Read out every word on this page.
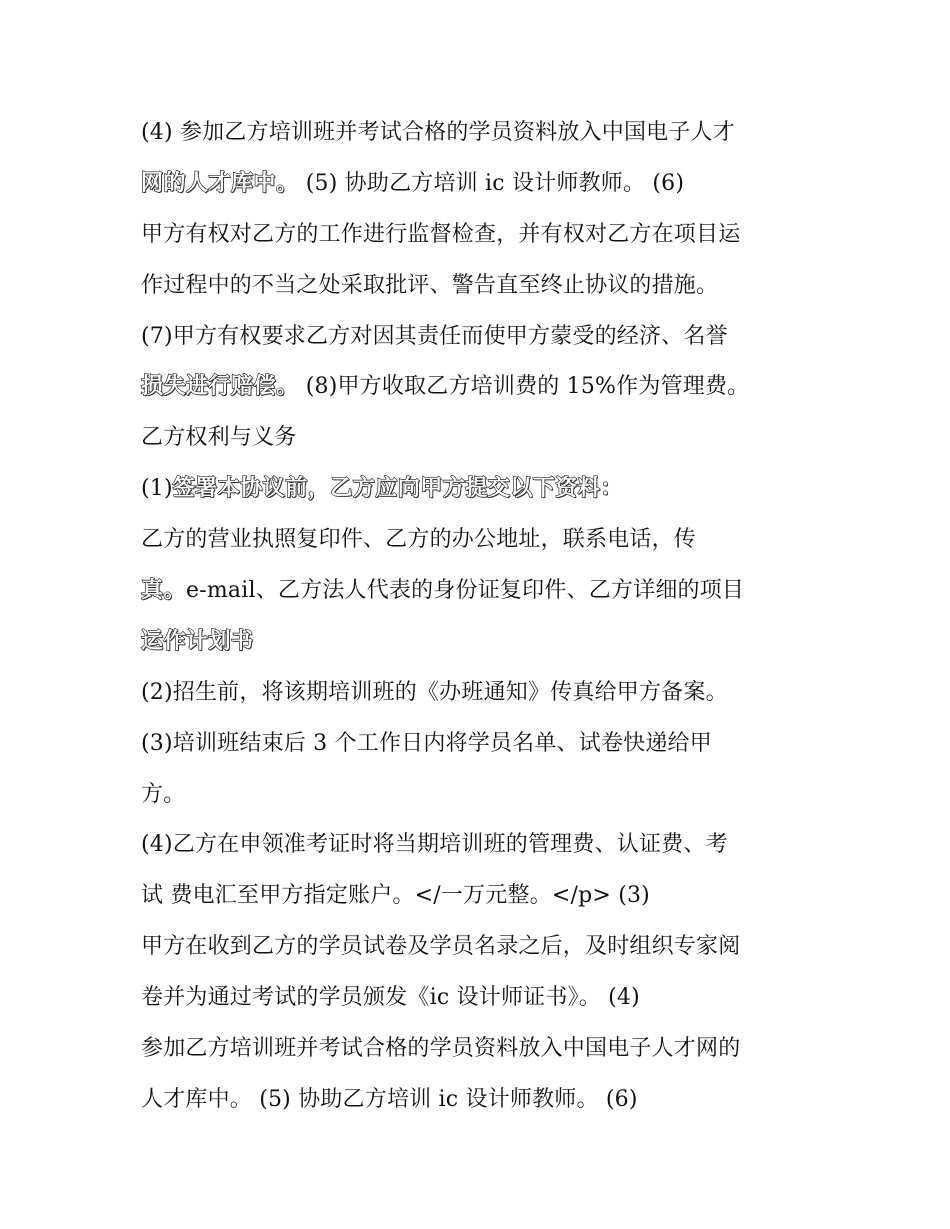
(4) 参加乙方培训班并考试合格的学员资料放入中国电子人才
网的人才库中。 (5) 协助乙方培训 ic 设计师教师。 (6)
甲方有权对乙方的工作进行监督检查，并有权对乙方在项目运
作过程中的不当之处采取批评、警告直至终止协议的措施。
(7)甲方有权要求乙方对因其责任而使甲方蒙受的经济、名誉
损失进行赔偿。 (8)甲方收取乙方培训费的 15%作为管理费。
乙方权利与义务
(1)签署本协议前，乙方应向甲方提交以下资料：
乙方的营业执照复印件、乙方的办公地址，联系电话，传
真。e-mail、乙方法人代表的身份证复印件、乙方详细的项目
运作计划书
(2)招生前，将该期培训班的《办班通知》传真给甲方备案。
(3)培训班结束后 3 个工作日内将学员名单、试卷快递给甲
方。
(4)乙方在申领准考证时将当期培训班的管理费、认证费、考
试 费电汇至甲方指定账户。</一万元整。</p> (3)
甲方在收到乙方的学员试卷及学员名录之后，及时组织专家阅
卷并为通过考试的学员颁发《ic 设计师证书》。 (4)
参加乙方培训班并考试合格的学员资料放入中国电子人才网的
人才库中。 (5) 协助乙方培训 ic 设计师教师。 (6)
